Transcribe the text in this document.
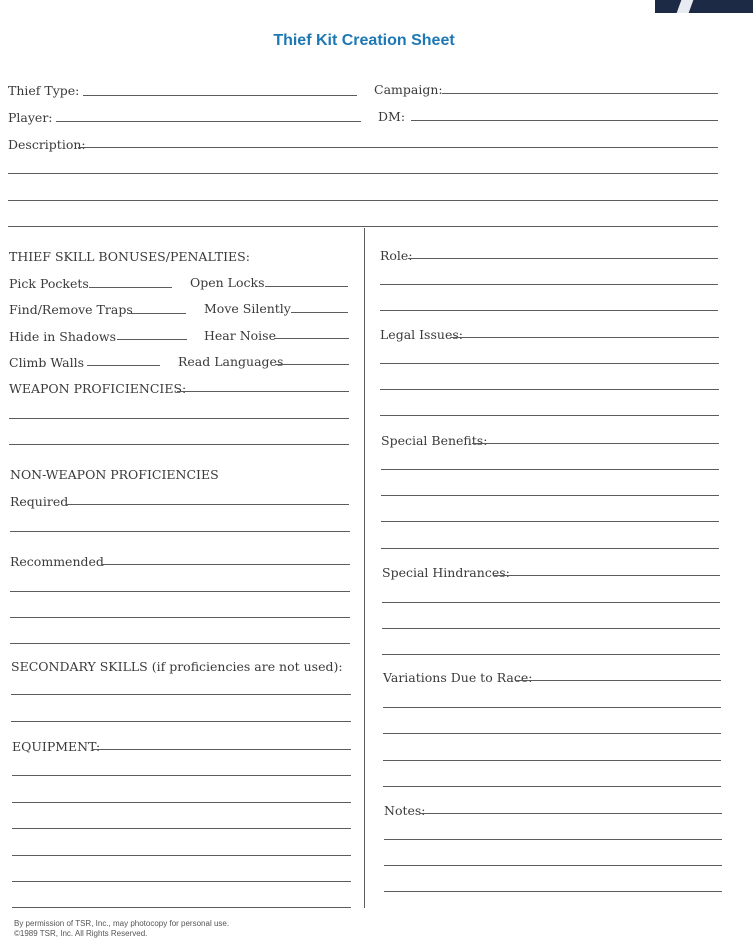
Thief Kit Creation Sheet
Thief Type:	Campaign:
Player:	DM:
Description:
THIEF SKILL BONUSES/PENALTIES:
Pick Pockets	Open Locks
Find/Remove Traps	Move Silently
Hide in Shadows	Hear Noise
Climb Walls	Read Languages
WEAPON PROFICIENCIES:
NON-WEAPON PROFICIENCIES
Required
Recommended
SECONDARY SKILLS (if proficiencies are not used):
EQUIPMENT:
Role:
Legal Issues:
Special Benefits:
Special Hindrances:
Variations Due to Race:
Notes:
By permission of TSR, Inc., may photocopy for personal use.
©1989 TSR, Inc. All Rights Reserved.
